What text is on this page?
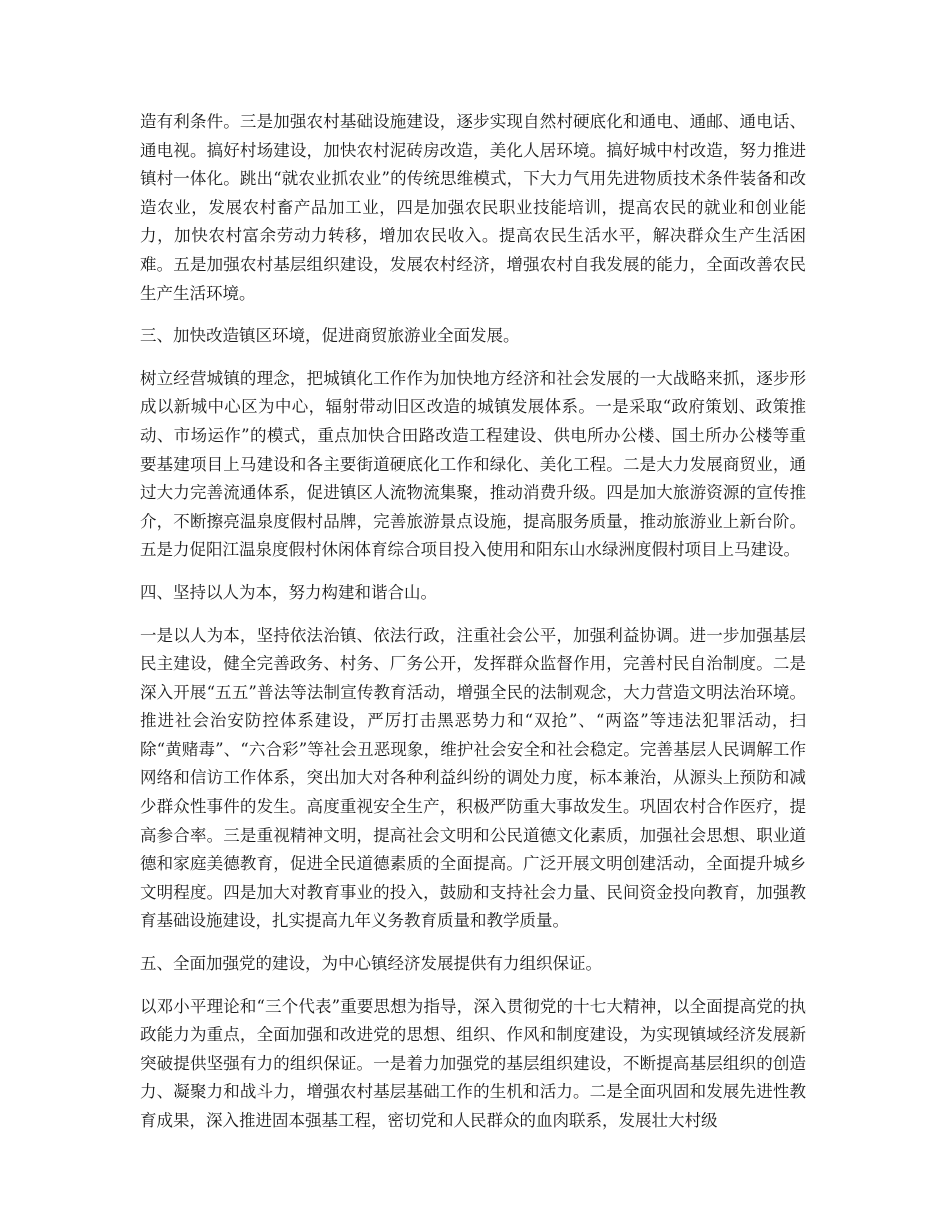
造有利条件。三是加强农村基础设施建设，逐步实现自然村硬底化和通电、通邮、通电话、通电视。搞好村场建设，加快农村泥砖房改造，美化人居环境。搞好城中村改造，努力推进镇村一体化。跳出“就农业抓农业”的传统思维模式，下大力气用先进物质技术条件装备和改造农业，发展农村畜产品加工业，四是加强农民职业技能培训，提高农民的就业和创业能力，加快农村富余劳动力转移，增加农民收入。提高农民生活水平，解决群众生产生活困难。五是加强农村基层组织建设，发展农村经济，增强农村自我发展的能力，全面改善农民生产生活环境。

三、加快改造镇区环境，促进商贸旅游业全面发展。

树立经营城镇的理念，把城镇化工作作为加快地方经济和社会发展的一大战略来抓，逐步形成以新城中心区为中心，辐射带动旧区改造的城镇发展体系。一是采取“政府策划、政策推动、市场运作”的模式，重点加快合田路改造工程建设、供电所办公楼、国土所办公楼等重要基建项目上马建设和各主要街道硬底化工作和绿化、美化工程。二是大力发展商贸业，通过大力完善流通体系，促进镇区人流物流集聚，推动消费升级。四是加大旅游资源的宣传推介，不断擦亮温泉度假村品牌，完善旅游景点设施，提高服务质量，推动旅游业上新台阶。五是力促阳江温泉度假村休闲体育综合项目投入使用和阳东山水绿洲度假村项目上马建设。

四、坚持以人为本，努力构建和谐合山。

一是以人为本，坚持依法治镇、依法行政，注重社会公平，加强利益协调。进一步加强基层民主建设，健全完善政务、村务、厂务公开，发挥群众监督作用，完善村民自治制度。二是深入开展“五五”普法等法制宣传教育活动，增强全民的法制观念，大力营造文明法治环境。推进社会治安防控体系建设，严厉打击黑恶势力和“双抢”、“两盗”等违法犯罪活动，扫除“黄赌毒”、“六合彩”等社会丑恶现象，维护社会安全和社会稳定。完善基层人民调解工作网络和信访工作体系，突出加大对各种利益纠纷的调处力度，标本兼治，从源头上预防和减少群众性事件的发生。高度重视安全生产，积极严防重大事故发生。巩固农村合作医疗，提高参合率。三是重视精神文明，提高社会文明和公民道德文化素质，加强社会思想、职业道德和家庭美德教育，促进全民道德素质的全面提高。广泛开展文明创建活动，全面提升城乡文明程度。四是加大对教育事业的投入，鼓励和支持社会力量、民间资金投向教育，加强教育基础设施建设，扎实提高九年义务教育质量和教学质量。

五、全面加强党的建设，为中心镇经济发展提供有力组织保证。

以邓小平理论和“三个代表”重要思想为指导，深入贯彻党的十七大精神，以全面提高党的执政能力为重点，全面加强和改进党的思想、组织、作风和制度建设，为实现镇域经济发展新突破提供坚强有力的组织保证。一是着力加强党的基层组织建设，不断提高基层组织的创造力、凝聚力和战斗力，增强农村基层基础工作的生机和活力。二是全面巩固和发展先进性教育成果，深入推进固本强基工程，密切党和人民群众的血肉联系，发展壮大村级
